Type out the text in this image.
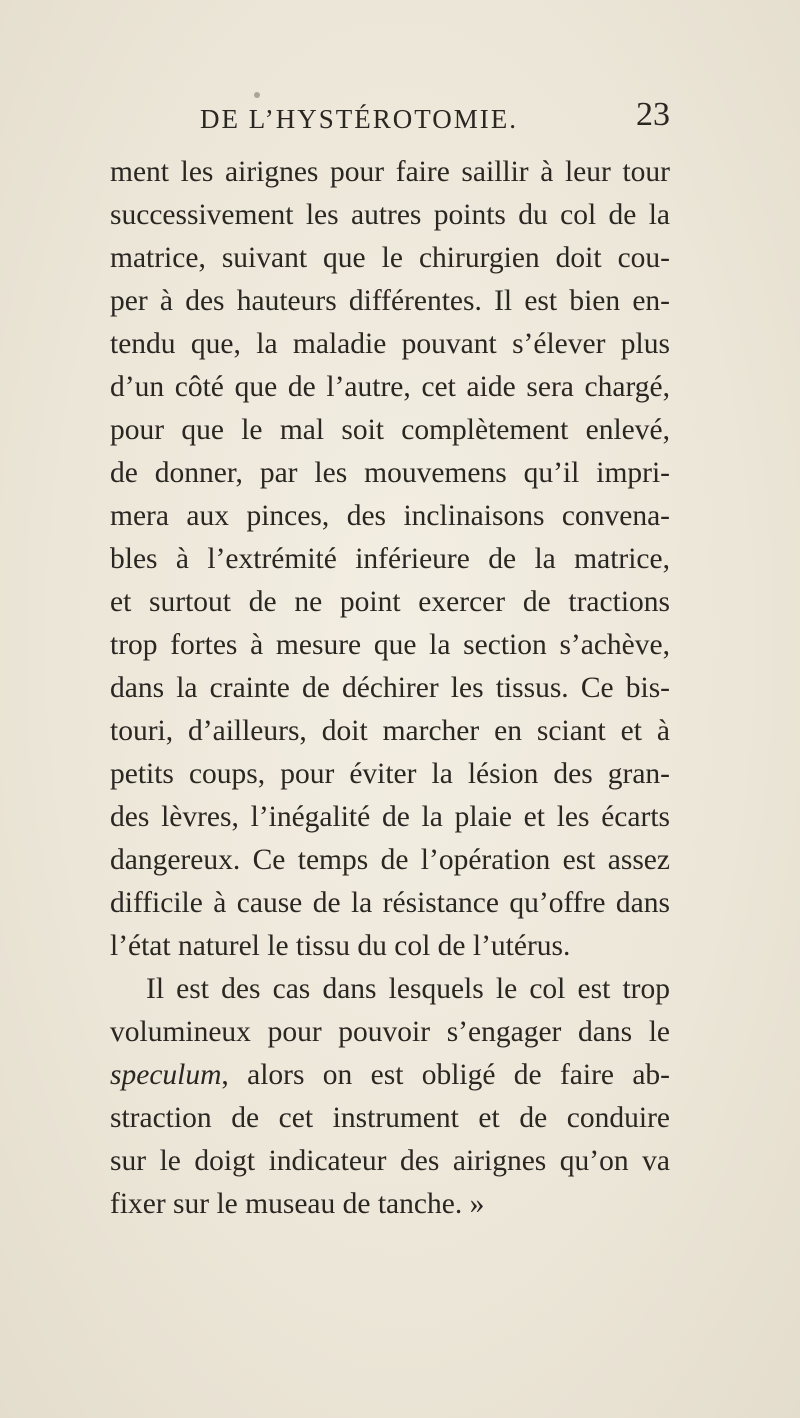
DE L’HYSTÉROTOMIE.	23
ment les airignes pour faire saillir à leur tour
successivement les autres points du col de la
matrice, suivant que le chirurgien doit cou-
per à des hauteurs différentes. Il est bien en-
tendu que, la maladie pouvant s’élever plus
d’un côté que de l’autre, cet aide sera chargé,
pour que le mal soit complètement enlevé,
de donner, par les mouvemens qu’il impri-
mera aux pinces, des inclinaisons convena-
bles à l’extrémité inférieure de la matrice,
et surtout de ne point exercer de tractions
trop fortes à mesure que la section s’achève,
dans la crainte de déchirer les tissus. Ce bis-
touri, d’ailleurs, doit marcher en sciant et à
petits coups, pour éviter la lésion des gran-
des lèvres, l’inégalité de la plaie et les écarts
dangereux. Ce temps de l’opération est assez
difficile à cause de la résistance qu’offre dans
l’état naturel le tissu du col de l’utérus.
Il est des cas dans lesquels le col est trop
volumineux pour pouvoir s’engager dans le
speculum, alors on est obligé de faire ab-
straction de cet instrument et de conduire
sur le doigt indicateur des airignes qu’on va
fixer sur le museau de tanche. »
